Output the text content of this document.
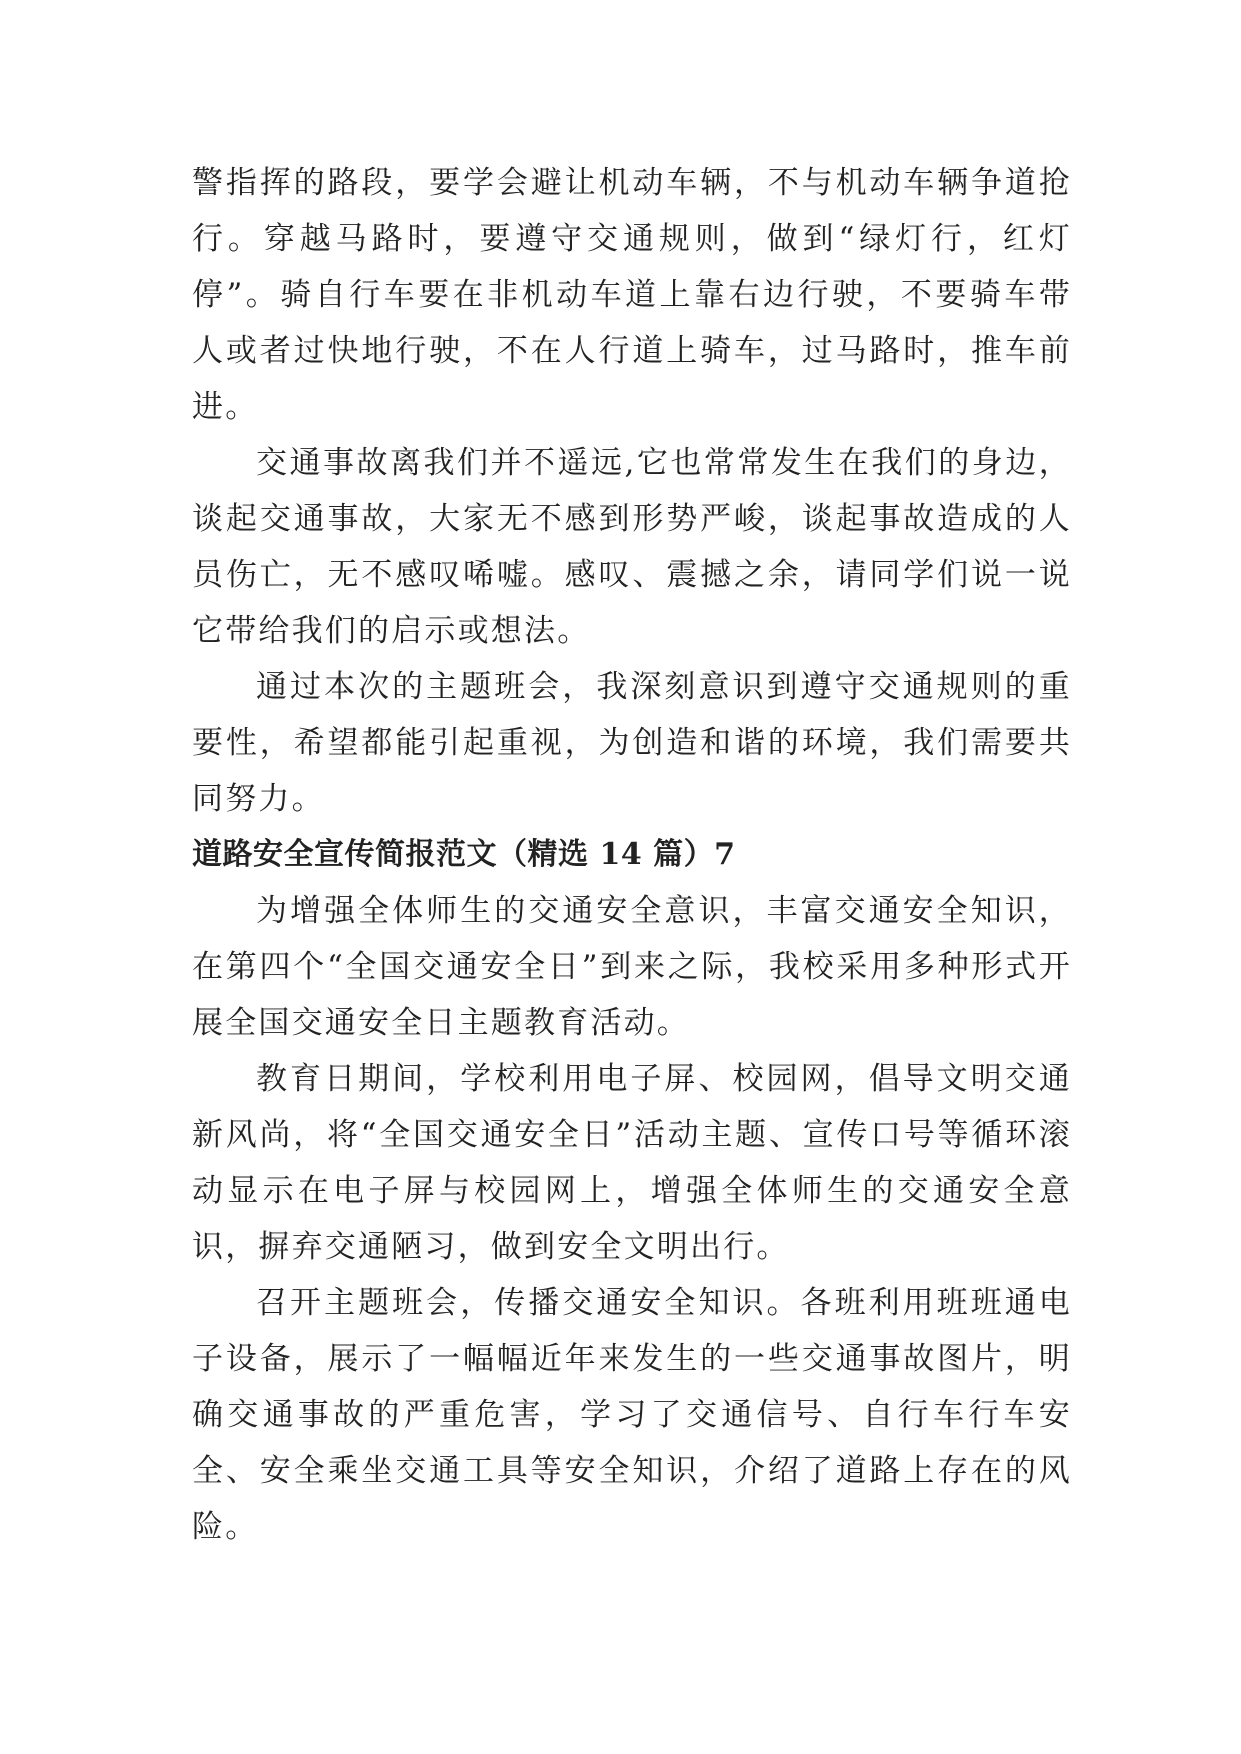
警指挥的路段，要学会避让机动车辆，不与机动车辆争道抢行。穿越马路时，要遵守交通规则，做到“绿灯行，红灯停”。骑自行车要在非机动车道上靠右边行驶，不要骑车带人或者过快地行驶，不在人行道上骑车，过马路时，推车前进。

交通事故离我们并不遥远,它也常常发生在我们的身边，谈起交通事故，大家无不感到形势严峻，谈起事故造成的人员伤亡，无不感叹唏嘘。感叹、震撼之余，请同学们说一说它带给我们的启示或想法。

通过本次的主题班会，我深刻意识到遵守交通规则的重要性，希望都能引起重视，为创造和谐的环境，我们需要共同努力。

道路安全宣传简报范文（精选 14 篇）7

为增强全体师生的交通安全意识，丰富交通安全知识，在第四个“全国交通安全日”到来之际，我校采用多种形式开展全国交通安全日主题教育活动。

教育日期间，学校利用电子屏、校园网，倡导文明交通新风尚，将“全国交通安全日”活动主题、宣传口号等循环滚动显示在电子屏与校园网上，增强全体师生的交通安全意识，摒弃交通陋习，做到安全文明出行。

召开主题班会，传播交通安全知识。各班利用班班通电子设备，展示了一幅幅近年来发生的一些交通事故图片，明确交通事故的严重危害，学习了交通信号、自行车行车安全、安全乘坐交通工具等安全知识，介绍了道路上存在的风险。
